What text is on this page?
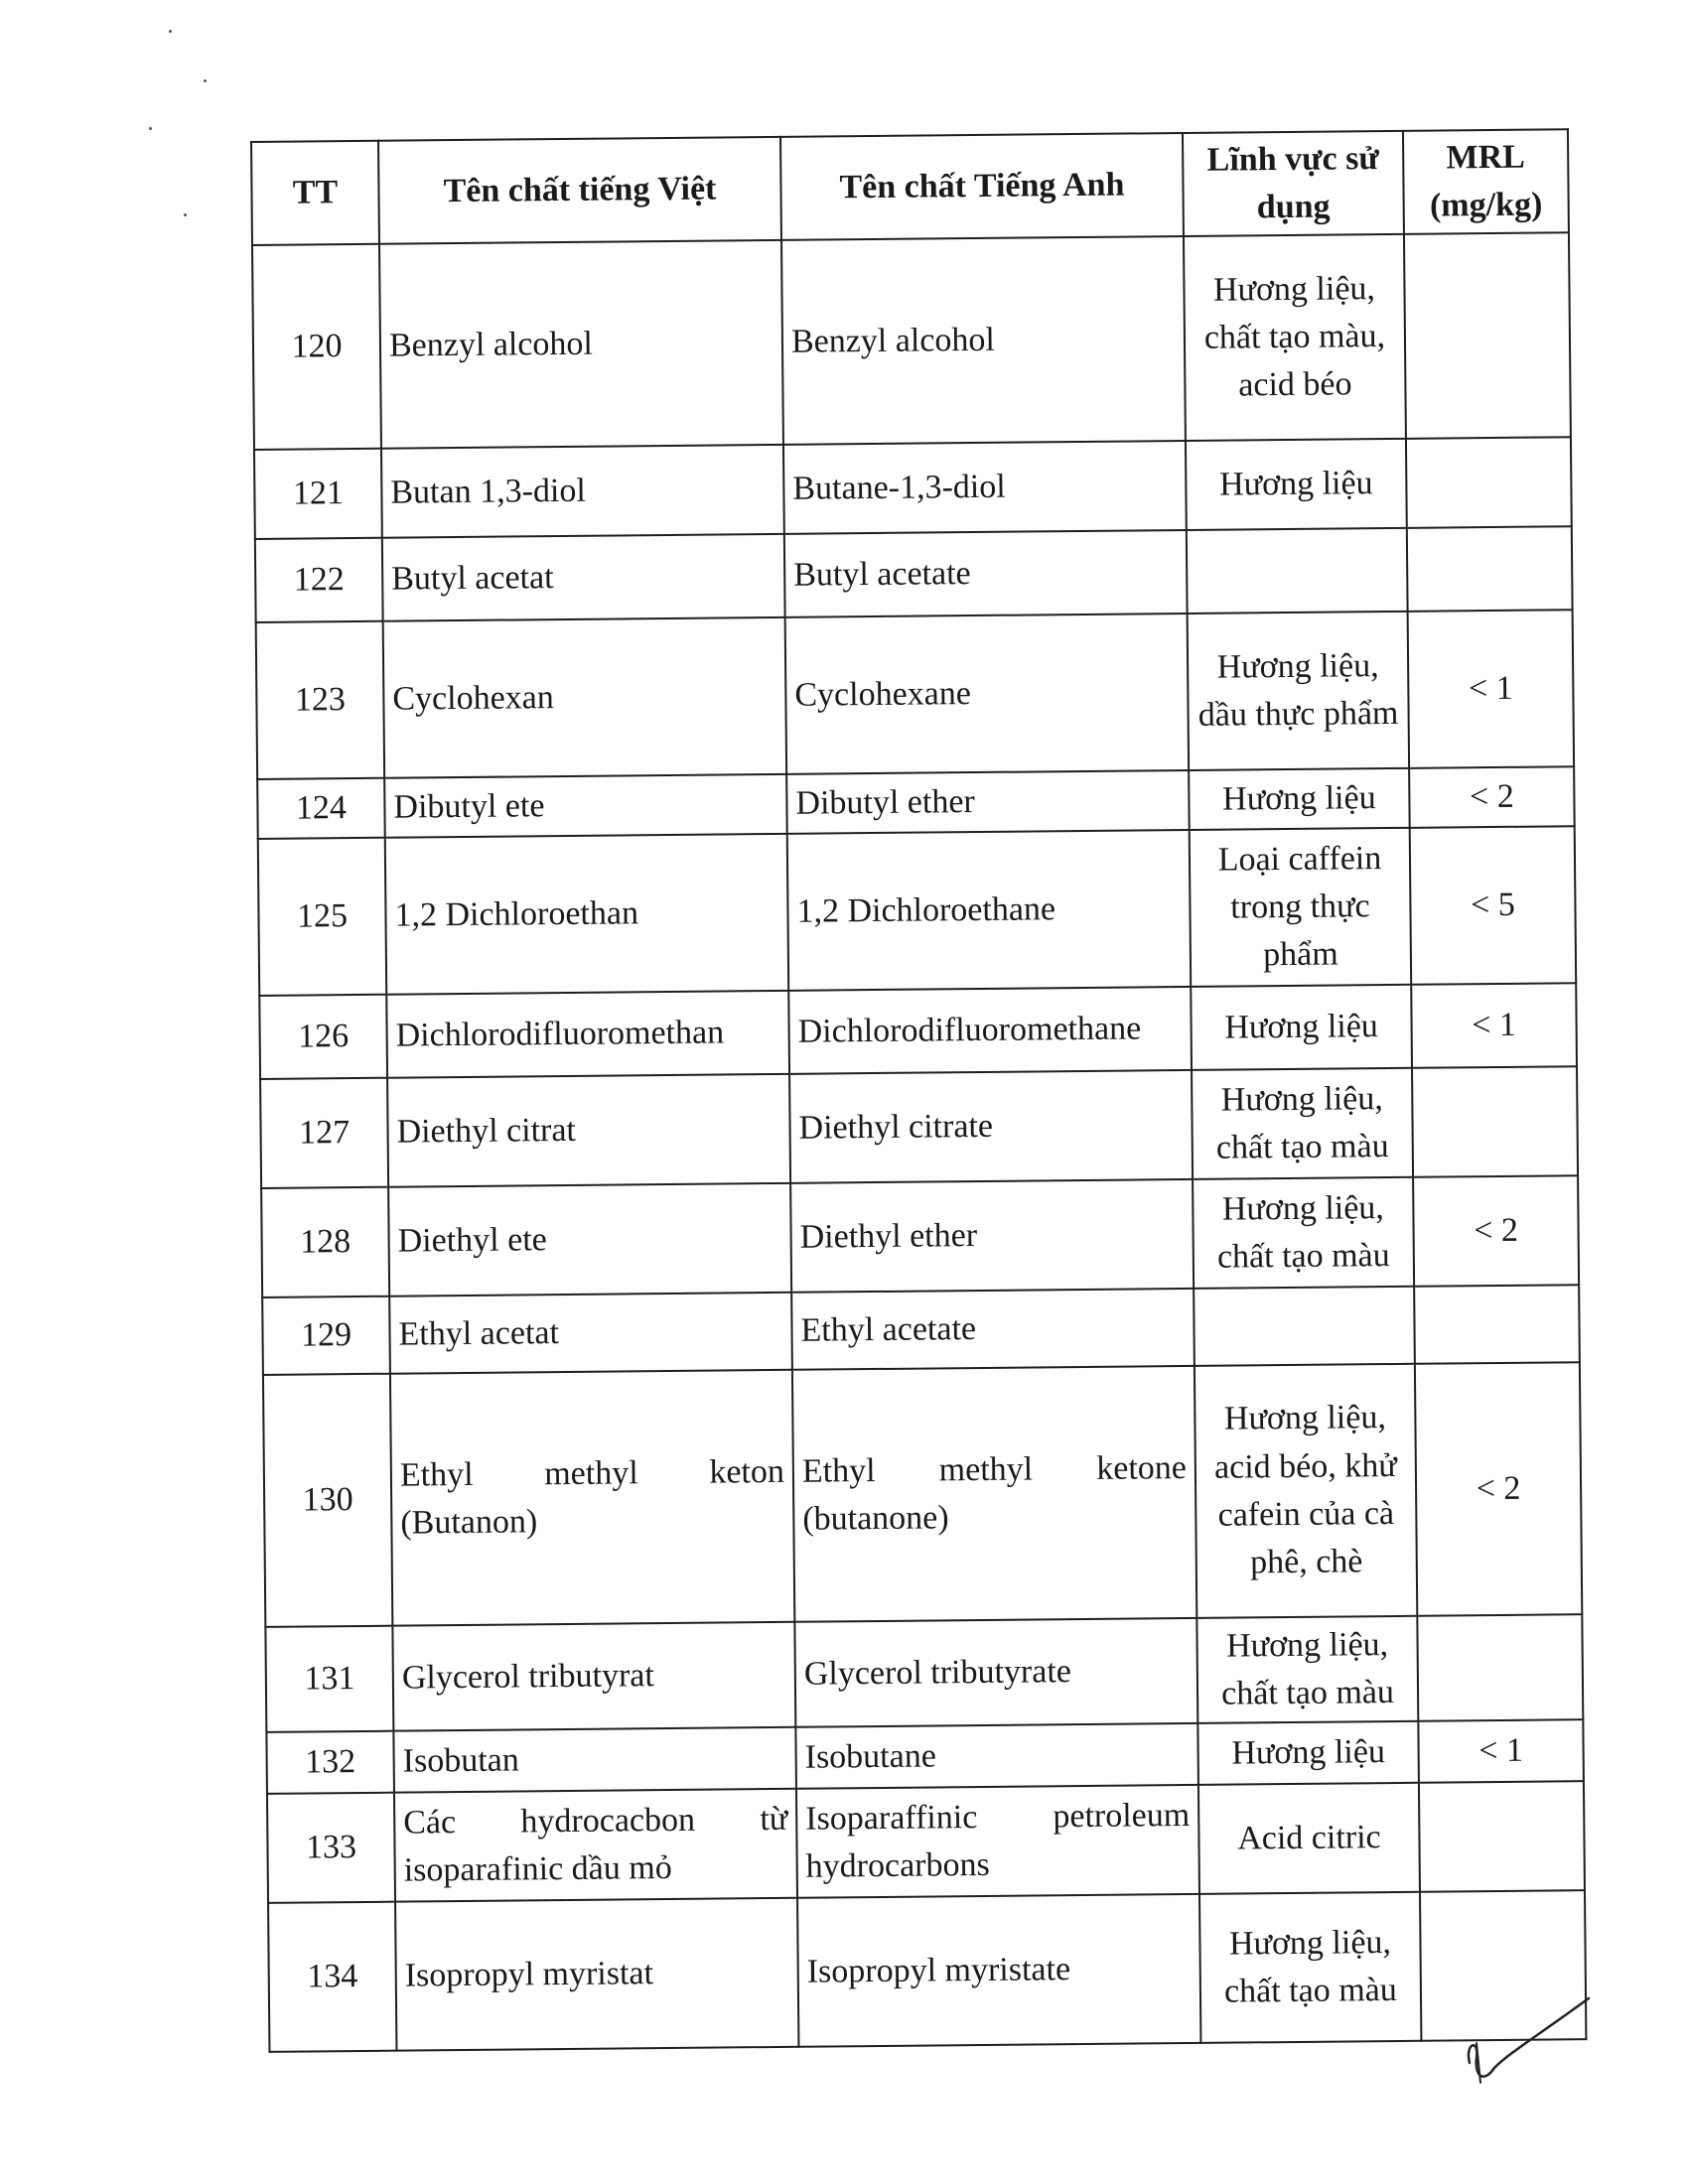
TT	Tên chất tiếng Việt	Tên chất Tiếng Anh	Lĩnh vực sử dụng	MRL (mg/kg)
120	Benzyl alcohol	Benzyl alcohol	Hương liệu, chất tạo màu, acid béo	
121	Butan 1,3-diol	Butane-1,3-diol	Hương liệu	
122	Butyl acetat	Butyl acetate		
123	Cyclohexan	Cyclohexane	Hương liệu, dầu thực phẩm	< 1
124	Dibutyl ete	Dibutyl ether	Hương liệu	< 2
125	1,2 Dichloroethan	1,2 Dichloroethane	Loại caffein trong thực phẩm	< 5
126	Dichlorodifluoromethan	Dichlorodifluoromethane	Hương liệu	< 1
127	Diethyl citrat	Diethyl citrate	Hương liệu, chất tạo màu	
128	Diethyl ete	Diethyl ether	Hương liệu, chất tạo màu	< 2
129	Ethyl acetat	Ethyl acetate		
130	Ethyl methyl keton (Butanon)	Ethyl methyl ketone (butanone)	Hương liệu, acid béo, khử cafein của cà phê, chè	< 2
131	Glycerol tributyrat	Glycerol tributyrate	Hương liệu, chất tạo màu	
132	Isobutan	Isobutane	Hương liệu	< 1
133	Các hydrocacbon từ isoparafinic dầu mỏ	Isoparaffinic petroleum hydrocarbons	Acid citric	
134	Isopropyl myristat	Isopropyl myristate	Hương liệu, chất tạo màu	
